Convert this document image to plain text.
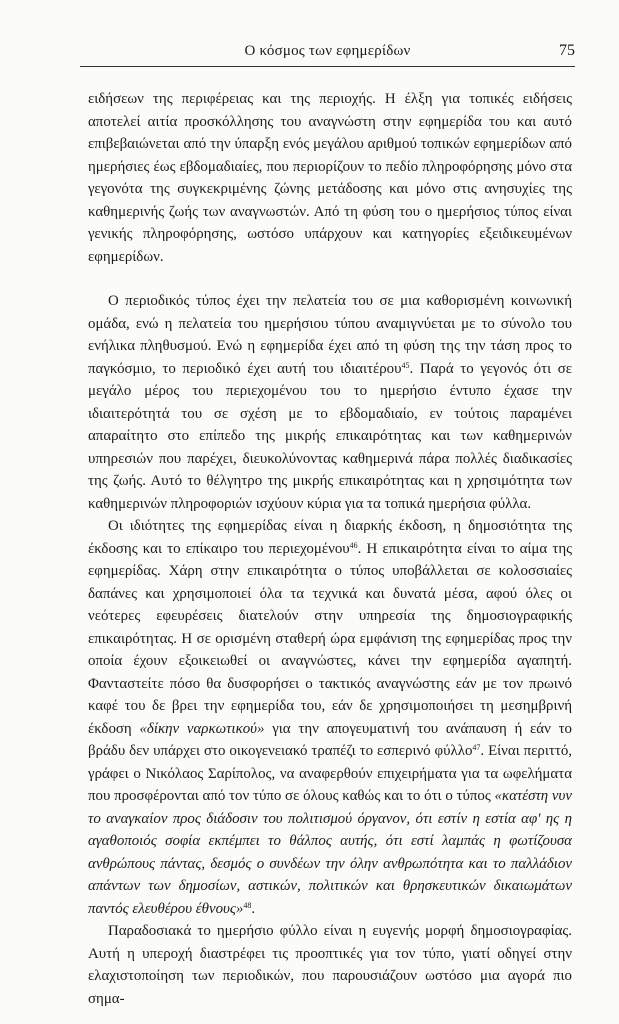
Ο κόσμος των εφημερίδων	75

ειδήσεων της περιφέρειας και της περιοχής. Η έλξη για τοπικές ειδήσεις αποτελεί αιτία προσκόλλησης του αναγνώστη στην εφημερίδα του και αυτό επιβεβαιώνεται από την ύπαρξη ενός μεγάλου αριθμού τοπικών εφημερίδων από ημερήσιες έως εβδομαδιαίες, που περιορίζουν το πεδίο πληροφόρησης μόνο στα γεγονότα της συγκεκριμένης ζώνης μετάδοσης και μόνο στις ανησυχίες της καθημερινής ζωής των αναγνωστών. Από τη φύση του ο ημερήσιος τύπος είναι γενικής πληροφόρησης, ωστόσο υπάρχουν και κατηγορίες εξειδικευμένων εφημερίδων.

Ο περιοδικός τύπος έχει την πελατεία του σε μια καθορισμένη κοινωνική ομάδα, ενώ η πελατεία του ημερήσιου τύπου αναμιγνύεται με το σύνολο του ενήλικα πληθυσμού. Ενώ η εφημερίδα έχει από τη φύση της την τάση προς το παγκόσμιο, το περιοδικό έχει αυτή του ιδιαιτέρου$^{45}$. Παρά το γεγονός ότι σε μεγάλο μέρος του περιεχομένου του το ημερήσιο έντυπο έχασε την ιδιαιτερότητά του σε σχέση με το εβδομαδιαίο, εν τούτοις παραμένει απαραίτητο στο επίπεδο της μικρής επικαιρότητας και των καθημερινών υπηρεσιών που παρέχει, διευκολύνοντας καθημερινά πάρα πολλές διαδικασίες της ζωής. Αυτό το θέλγητρο της μικρής επικαιρότητας και η χρησιμότητα των καθημερινών πληροφοριών ισχύουν κύρια για τα τοπικά ημερήσια φύλλα.

Οι ιδιότητες της εφημερίδας είναι η διαρκής έκδοση, η δημοσιότητα της έκδοσης και το επίκαιρο του περιεχομένου$^{46}$. Η επικαιρότητα είναι το αίμα της εφημερίδας. Χάρη στην επικαιρότητα ο τύπος υποβάλλεται σε κολοσσιαίες δαπάνες και χρησιμοποιεί όλα τα τεχνικά και δυνατά μέσα, αφού όλες οι νεότερες εφευρέσεις διατελούν στην υπηρεσία της δημοσιογραφικής επικαιρότητας. Η σε ορισμένη σταθερή ώρα εμφάνιση της εφημερίδας προς την οποία έχουν εξοικειωθεί οι αναγνώστες, κάνει την εφημερίδα αγαπητή. Φανταστείτε πόσο θα δυσφορήσει ο τακτικός αναγνώστης εάν με τον πρωινό καφέ του δε βρει την εφημερίδα του, εάν δε χρησιμοποιήσει τη μεσημβρινή έκδοση «δίκην ναρκωτικού» για την απογευματινή του ανάπαυση ή εάν το βράδυ δεν υπάρχει στο οικογενειακό τραπέζι το εσπερινό φύλλο$^{47}$. Είναι περιττό, γράφει ο Νικόλαος Σαρίπολος, να αναφερθούν επιχειρήματα για τα ωφελήματα που προσφέρονται από τον τύπο σε όλους καθώς και το ότι ο τύπος «κατέστη νυν το αναγκαίον προς διάδοσιν του πολιτισμού όργανον, ότι εστίν η εστία αφ' ης η αγαθοποιός σοφία εκπέμπει το θάλπος αυτής, ότι εστί λαμπάς η φωτίζουσα ανθρώπους πάντας, δεσμός ο συνδέων την όλην ανθρωπότητα και το παλλάδιον απάντων των δημοσίων, αστικών, πολιτικών και θρησκευτικών δικαιωμάτων παντός ελευθέρου έθνους»$^{48}$.

Παραδοσιακά το ημερήσιο φύλλο είναι η ευγενής μορφή δημοσιογραφίας. Αυτή η υπεροχή διαστρέφει τις προοπτικές για τον τύπο, γιατί οδηγεί στην ελαχιστοποίηση των περιοδικών, που παρουσιάζουν ωστόσο μια αγορά πιο σημα-
